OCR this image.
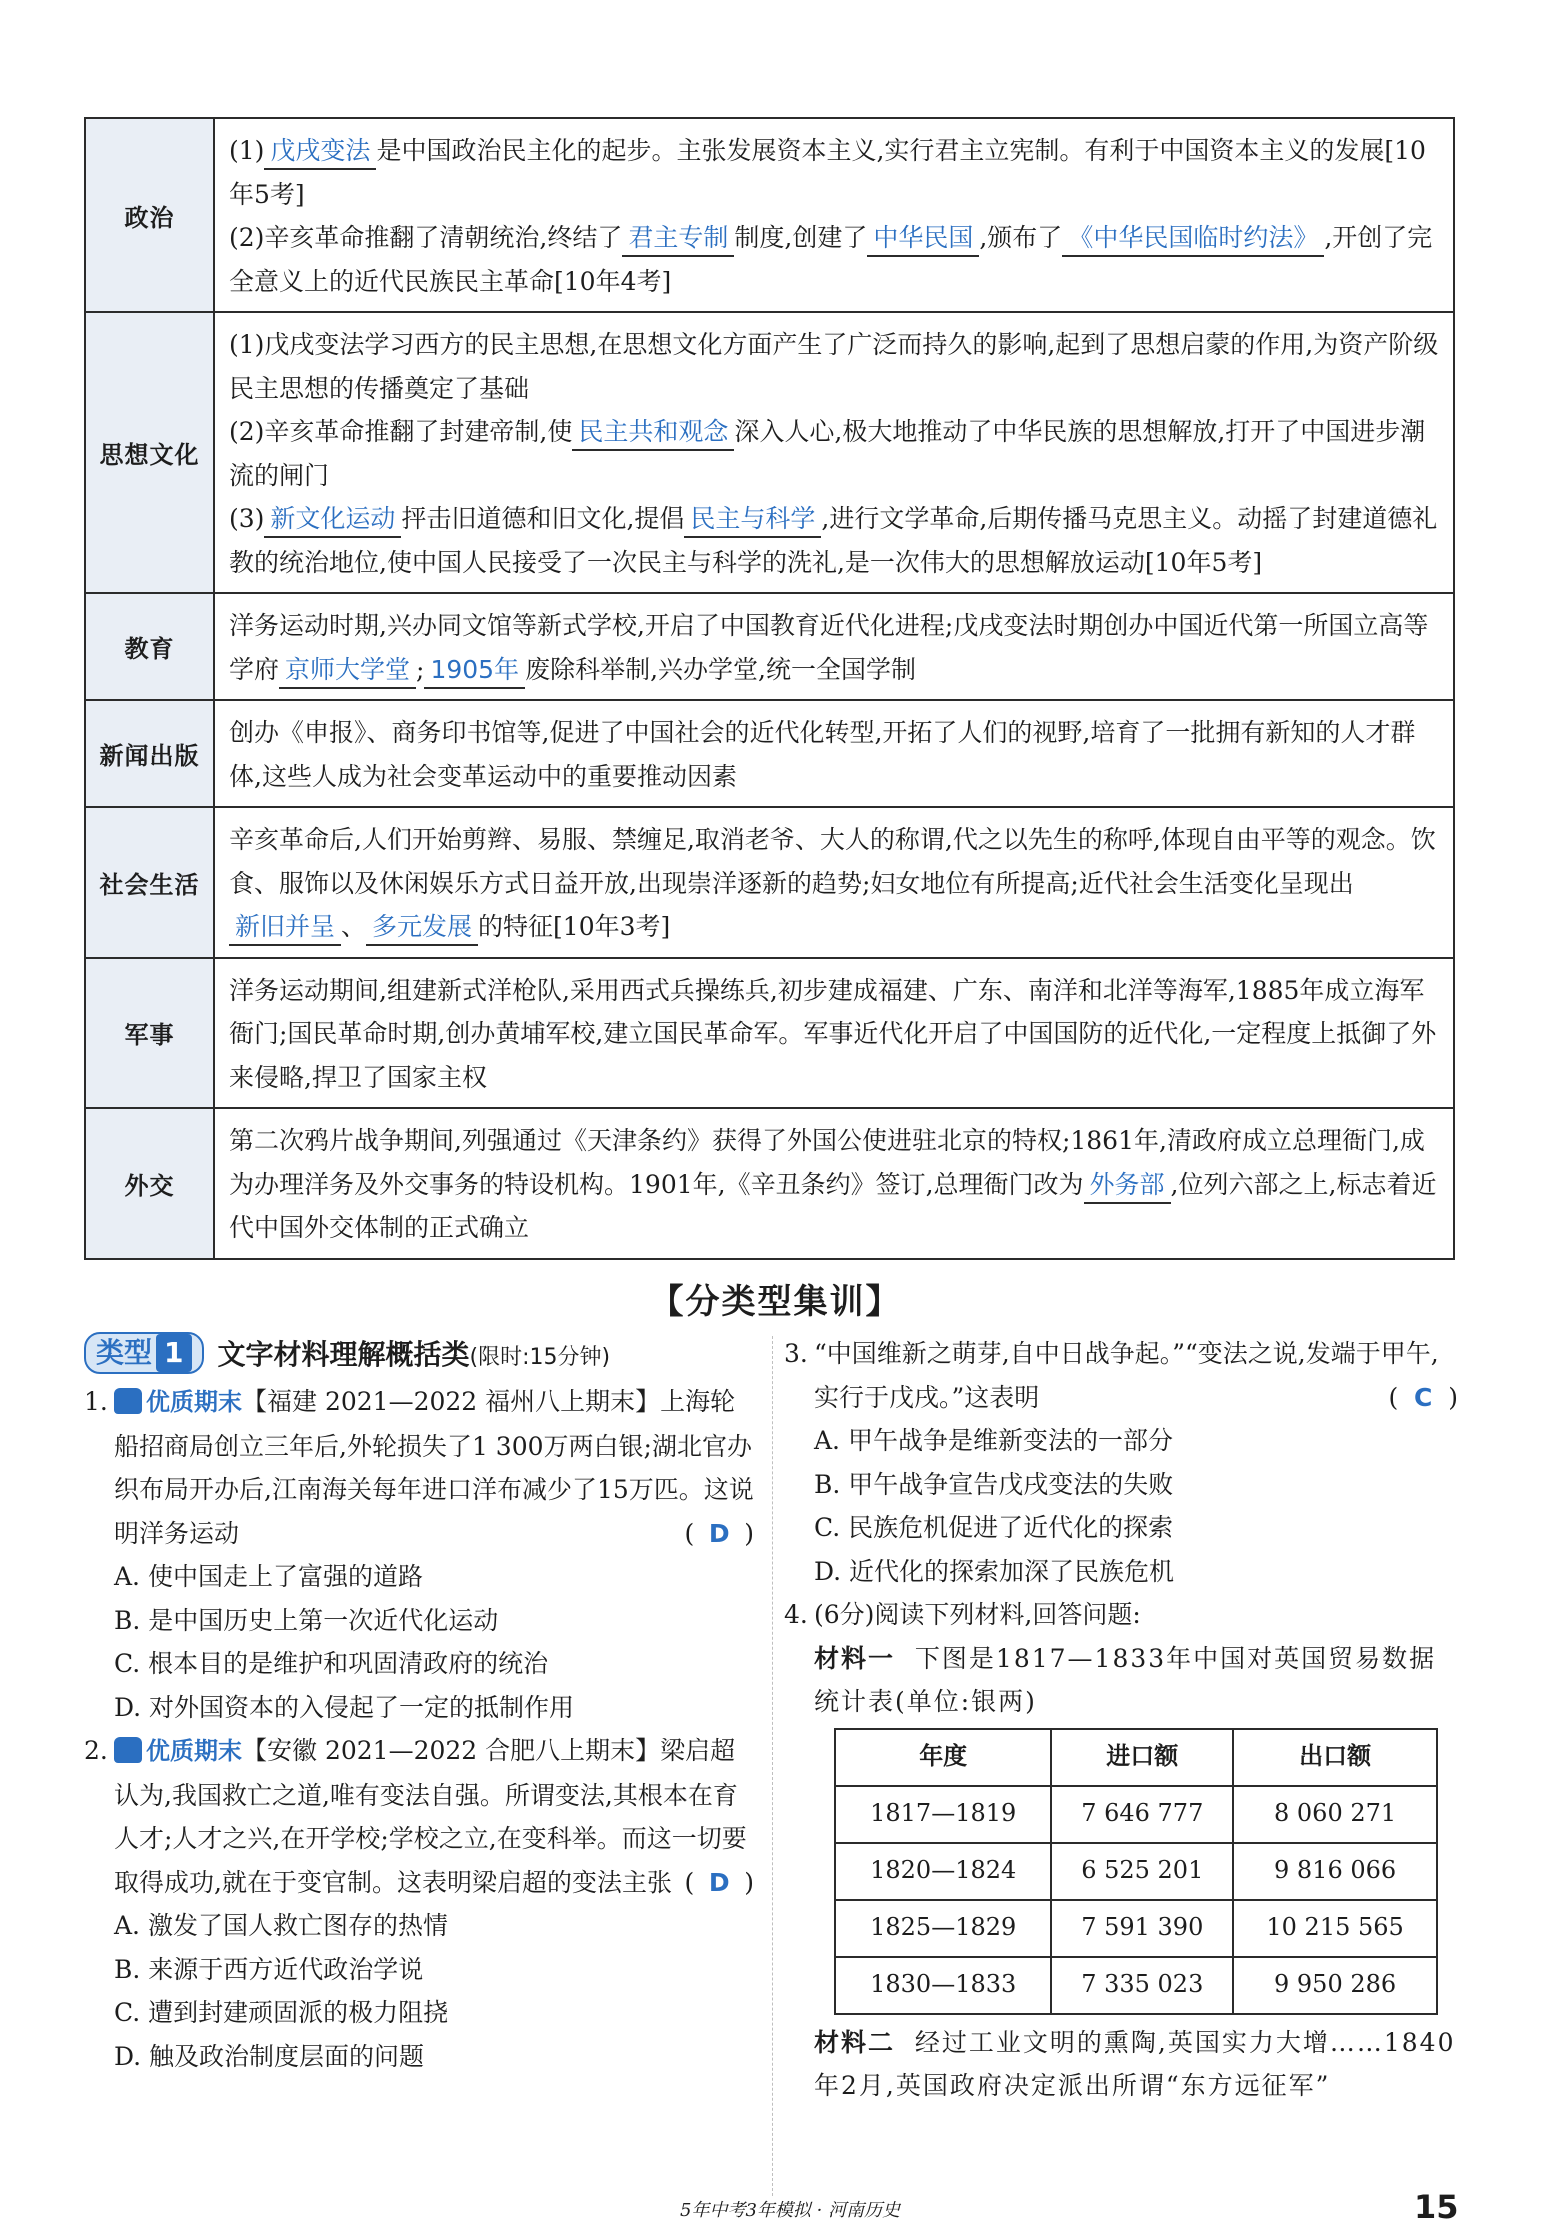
政治	(1) 戊戌变法 是中国政治民主化的起步。主张发展资本主义,实行君主立宪制。有利于中国资本主义的发展[10年5考]
(2)辛亥革命推翻了清朝统治,终结了 君主专制 制度,创建了 中华民国 ,颁布了 《中华民国临时约法》 ,开创了完全意义上的近代民族民主革命[10年4考]

思想文化	(1)戊戌变法学习西方的民主思想,在思想文化方面产生了广泛而持久的影响,起到了思想启蒙的作用,为资产阶级民主思想的传播奠定了基础
(2)辛亥革命推翻了封建帝制,使 民主共和观念 深入人心,极大地推动了中华民族的思想解放,打开了中国进步潮流的闸门
(3) 新文化运动 抨击旧道德和旧文化,提倡 民主与科学 ,进行文学革命,后期传播马克思主义。动摇了封建道德礼教的统治地位,使中国人民接受了一次民主与科学的洗礼,是一次伟大的思想解放运动[10年5考]

教育	洋务运动时期,兴办同文馆等新式学校,开启了中国教育近代化进程;戊戌变法时期创办中国近代第一所国立高等学府 京师大学堂 ; 1905年 废除科举制,兴办学堂,统一全国学制

新闻出版	创办《申报》、商务印书馆等,促进了中国社会的近代化转型,开拓了人们的视野,培育了一批拥有新知的人才群体,这些人成为社会变革运动中的重要推动因素

社会生活	辛亥革命后,人们开始剪辫、易服、禁缠足,取消老爷、大人的称谓,代之以先生的称呼,体现自由平等的观念。饮食、服饰以及休闲娱乐方式日益开放,出现崇洋逐新的趋势;妇女地位有所提高;近代社会生活变化呈现出新旧并呈 、 多元发展 的特征[10年3考]

军事	洋务运动期间,组建新式洋枪队,采用西式兵操练兵,初步建成福建、广东、南洋和北洋等海军,1885年成立海军衙门;国民革命时期,创办黄埔军校,建立国民革命军。军事近代化开启了中国国防的近代化,一定程度上抵御了外来侵略,捍卫了国家主权

外交	第二次鸦片战争期间,列强通过《天津条约》获得了外国公使进驻北京的特权;1861年,清政府成立总理衙门,成为办理洋务及外交事务的特设机构。1901年,《辛丑条约》签订,总理衙门改为 外务部 ,位列六部之上,标志着近代中国外交体制的正式确立
【分类型集训】
类型 1 文字材料理解概括类(限时:15分钟)
1.	优质期末【福建 2021—2022 福州八上期末】上海轮船招商局创立三年后,外轮损失了1 300万两白银;湖北官办织布局开办后,江南海关每年进口洋布减少了15万匹。这说明洋务运动	( D )
A. 使中国走上了富强的道路
B. 是中国历史上第一次近代化运动
C. 根本目的是维护和巩固清政府的统治
D. 对外国资本的入侵起了一定的抵制作用
2.	优质期末【安徽 2021—2022 合肥八上期末】梁启超认为,我国救亡之道,唯有变法自强。所谓变法,其根本在育人才;人才之兴,在开学校;学校之立,在变科举。而这一切要取得成功,就在于变官制。这表明梁启超的变法主张 ( D )
A. 激发了国人救亡图存的热情
B. 来源于西方近代政治学说
C. 遭到封建顽固派的极力阻挠
D. 触及政治制度层面的问题
3. “中国维新之萌芽,自中日战争起。”“变法之说,发端于甲午,实行于戊戌。”这表明	( C )
A. 甲午战争是维新变法的一部分
B. 甲午战争宣告戊戌变法的失败
C. 民族危机促进了近代化的探索
D. 近代化的探索加深了民族危机
4. (6分)阅读下列材料,回答问题:
材料一 下图是1817—1833年中国对英国贸易数据统计表(单位:银两)
年度	进口额	出口额
1817—1819	7 646 777	8 060 271
1820—1824	6 525 201	9 816 066
1825—1829	7 591 390	10 215 565
1830—1833	7 335 023	9 950 286
材料二 经过工业文明的熏陶,英国实力大增……1840年2月,英国政府决定派出所谓“东方远征军”
5年中考3年模拟 · 河南历史	15
